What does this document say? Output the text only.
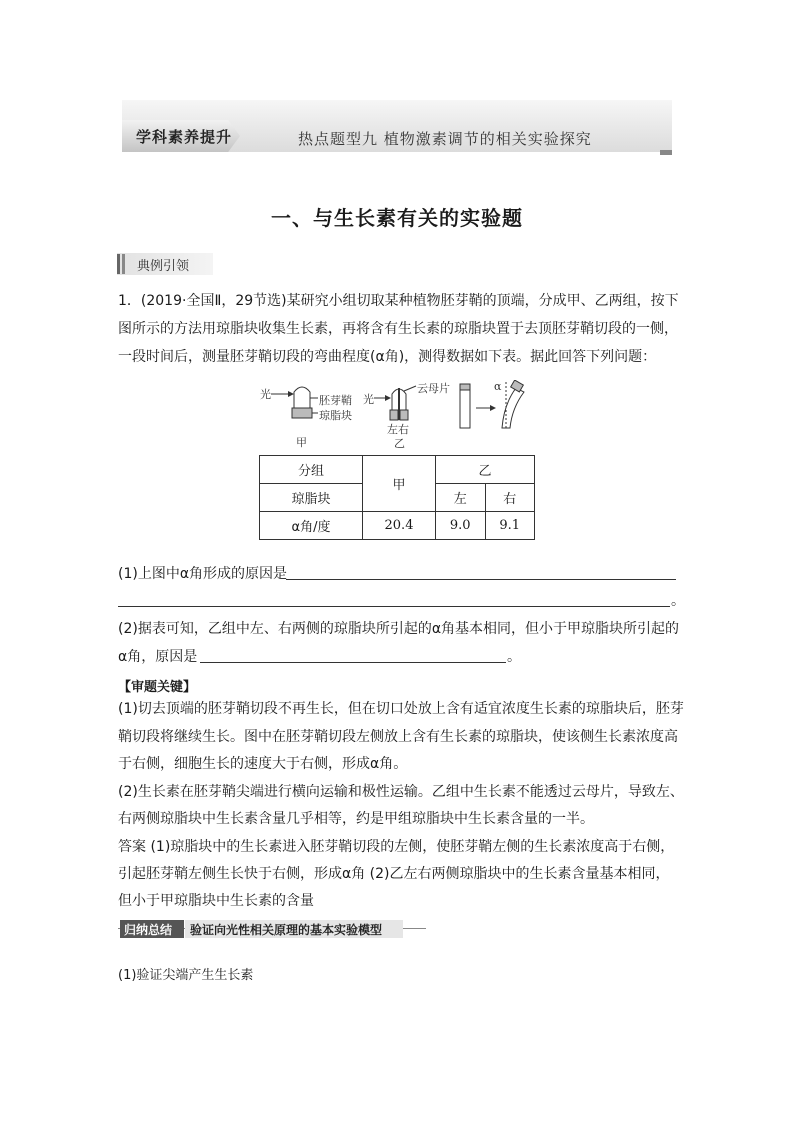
学科素养提升	热点题型九 植物激素调节的相关实验探究
一、与生长素有关的实验题
典例引领
1．(2019·全国Ⅱ，29节选)某研究小组切取某种植物胚芽鞘的顶端，分成甲、乙两组，按下
图所示的方法用琼脂块收集生长素，再将含有生长素的琼脂块置于去顶胚芽鞘切段的一侧，
一段时间后，测量胚芽鞘切段的弯曲程度(α角)，测得数据如下表。据此回答下列问题：
光	胚芽鞘
琼脂块
甲
光
云母片
左右
乙
α
分组	甲	乙	
琼脂块		左	右
α角/度	20.4	9.0	9.1
(1)上图中α角形成的原因是
。
(2)据表可知，乙组中左、右两侧的琼脂块所引起的α角基本相同，但小于甲琼脂块所引起的
α角，原因是	。
【审题关键】
(1)切去顶端的胚芽鞘切段不再生长，但在切口处放上含有适宜浓度生长素的琼脂块后，胚芽
鞘切段将继续生长。图中在胚芽鞘切段左侧放上含有生长素的琼脂块，使该侧生长素浓度高
于右侧，细胞生长的速度大于右侧，形成α角。
(2)生长素在胚芽鞘尖端进行横向运输和极性运输。乙组中生长素不能透过云母片，导致左、
右两侧琼脂块中生长素含量几乎相等，约是甲组琼脂块中生长素含量的一半。
答案 (1)琼脂块中的生长素进入胚芽鞘切段的左侧，使胚芽鞘左侧的生长素浓度高于右侧，
引起胚芽鞘左侧生长快于右侧，形成α角 (2)乙左右两侧琼脂块中的生长素含量基本相同，
但小于甲琼脂块中生长素的含量
归纳总结 验证向光性相关原理的基本实验模型
(1)验证尖端产生生长素
